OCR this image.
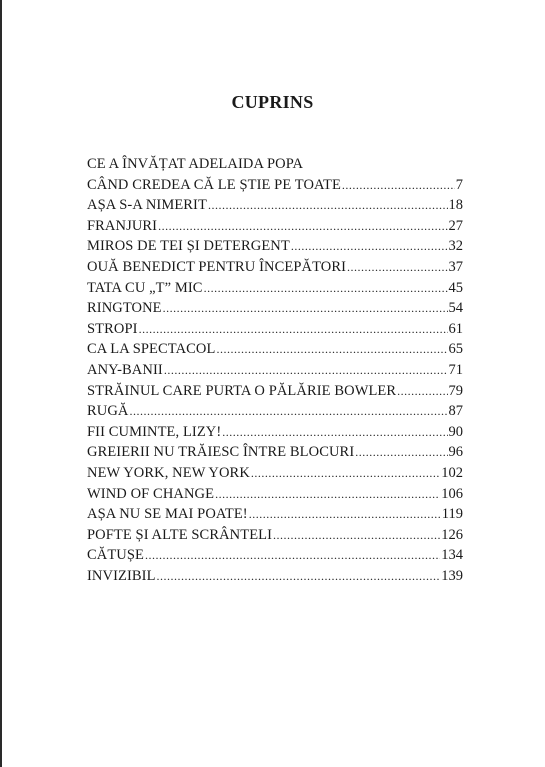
CUPRINS
CE A ÎNVĂȚAT ADELAIDA POPA
CÂND CREDEA CĂ LE ȘTIE PE TOATE .....	7
AȘA S-A NIMERIT .....	18
FRANJURI .....	27
MIROS DE TEI ȘI DETERGENT .....	32
OUĂ BENEDICT PENTRU ÎNCEPĂTORI .....	37
TATA CU „T” MIC .....	45
RINGTONE .....	54
STROPI .....	61
CA LA SPECTACOL .....	65
ANY-BANII .....	71
STRĂINUL CARE PURTA O PĂLĂRIE BOWLER .....	79
RUGĂ .....	87
FII CUMINTE, LIZY! .....	90
GREIERII NU TRĂIESC ÎNTRE BLOCURI .....	96
NEW YORK, NEW YORK .....	102
WIND OF CHANGE .....	106
AȘA NU SE MAI POATE! .....	119
POFTE ȘI ALTE SCRÂNTELI .....	126
CĂTUȘE .....	134
INVIZIBIL .....	139
